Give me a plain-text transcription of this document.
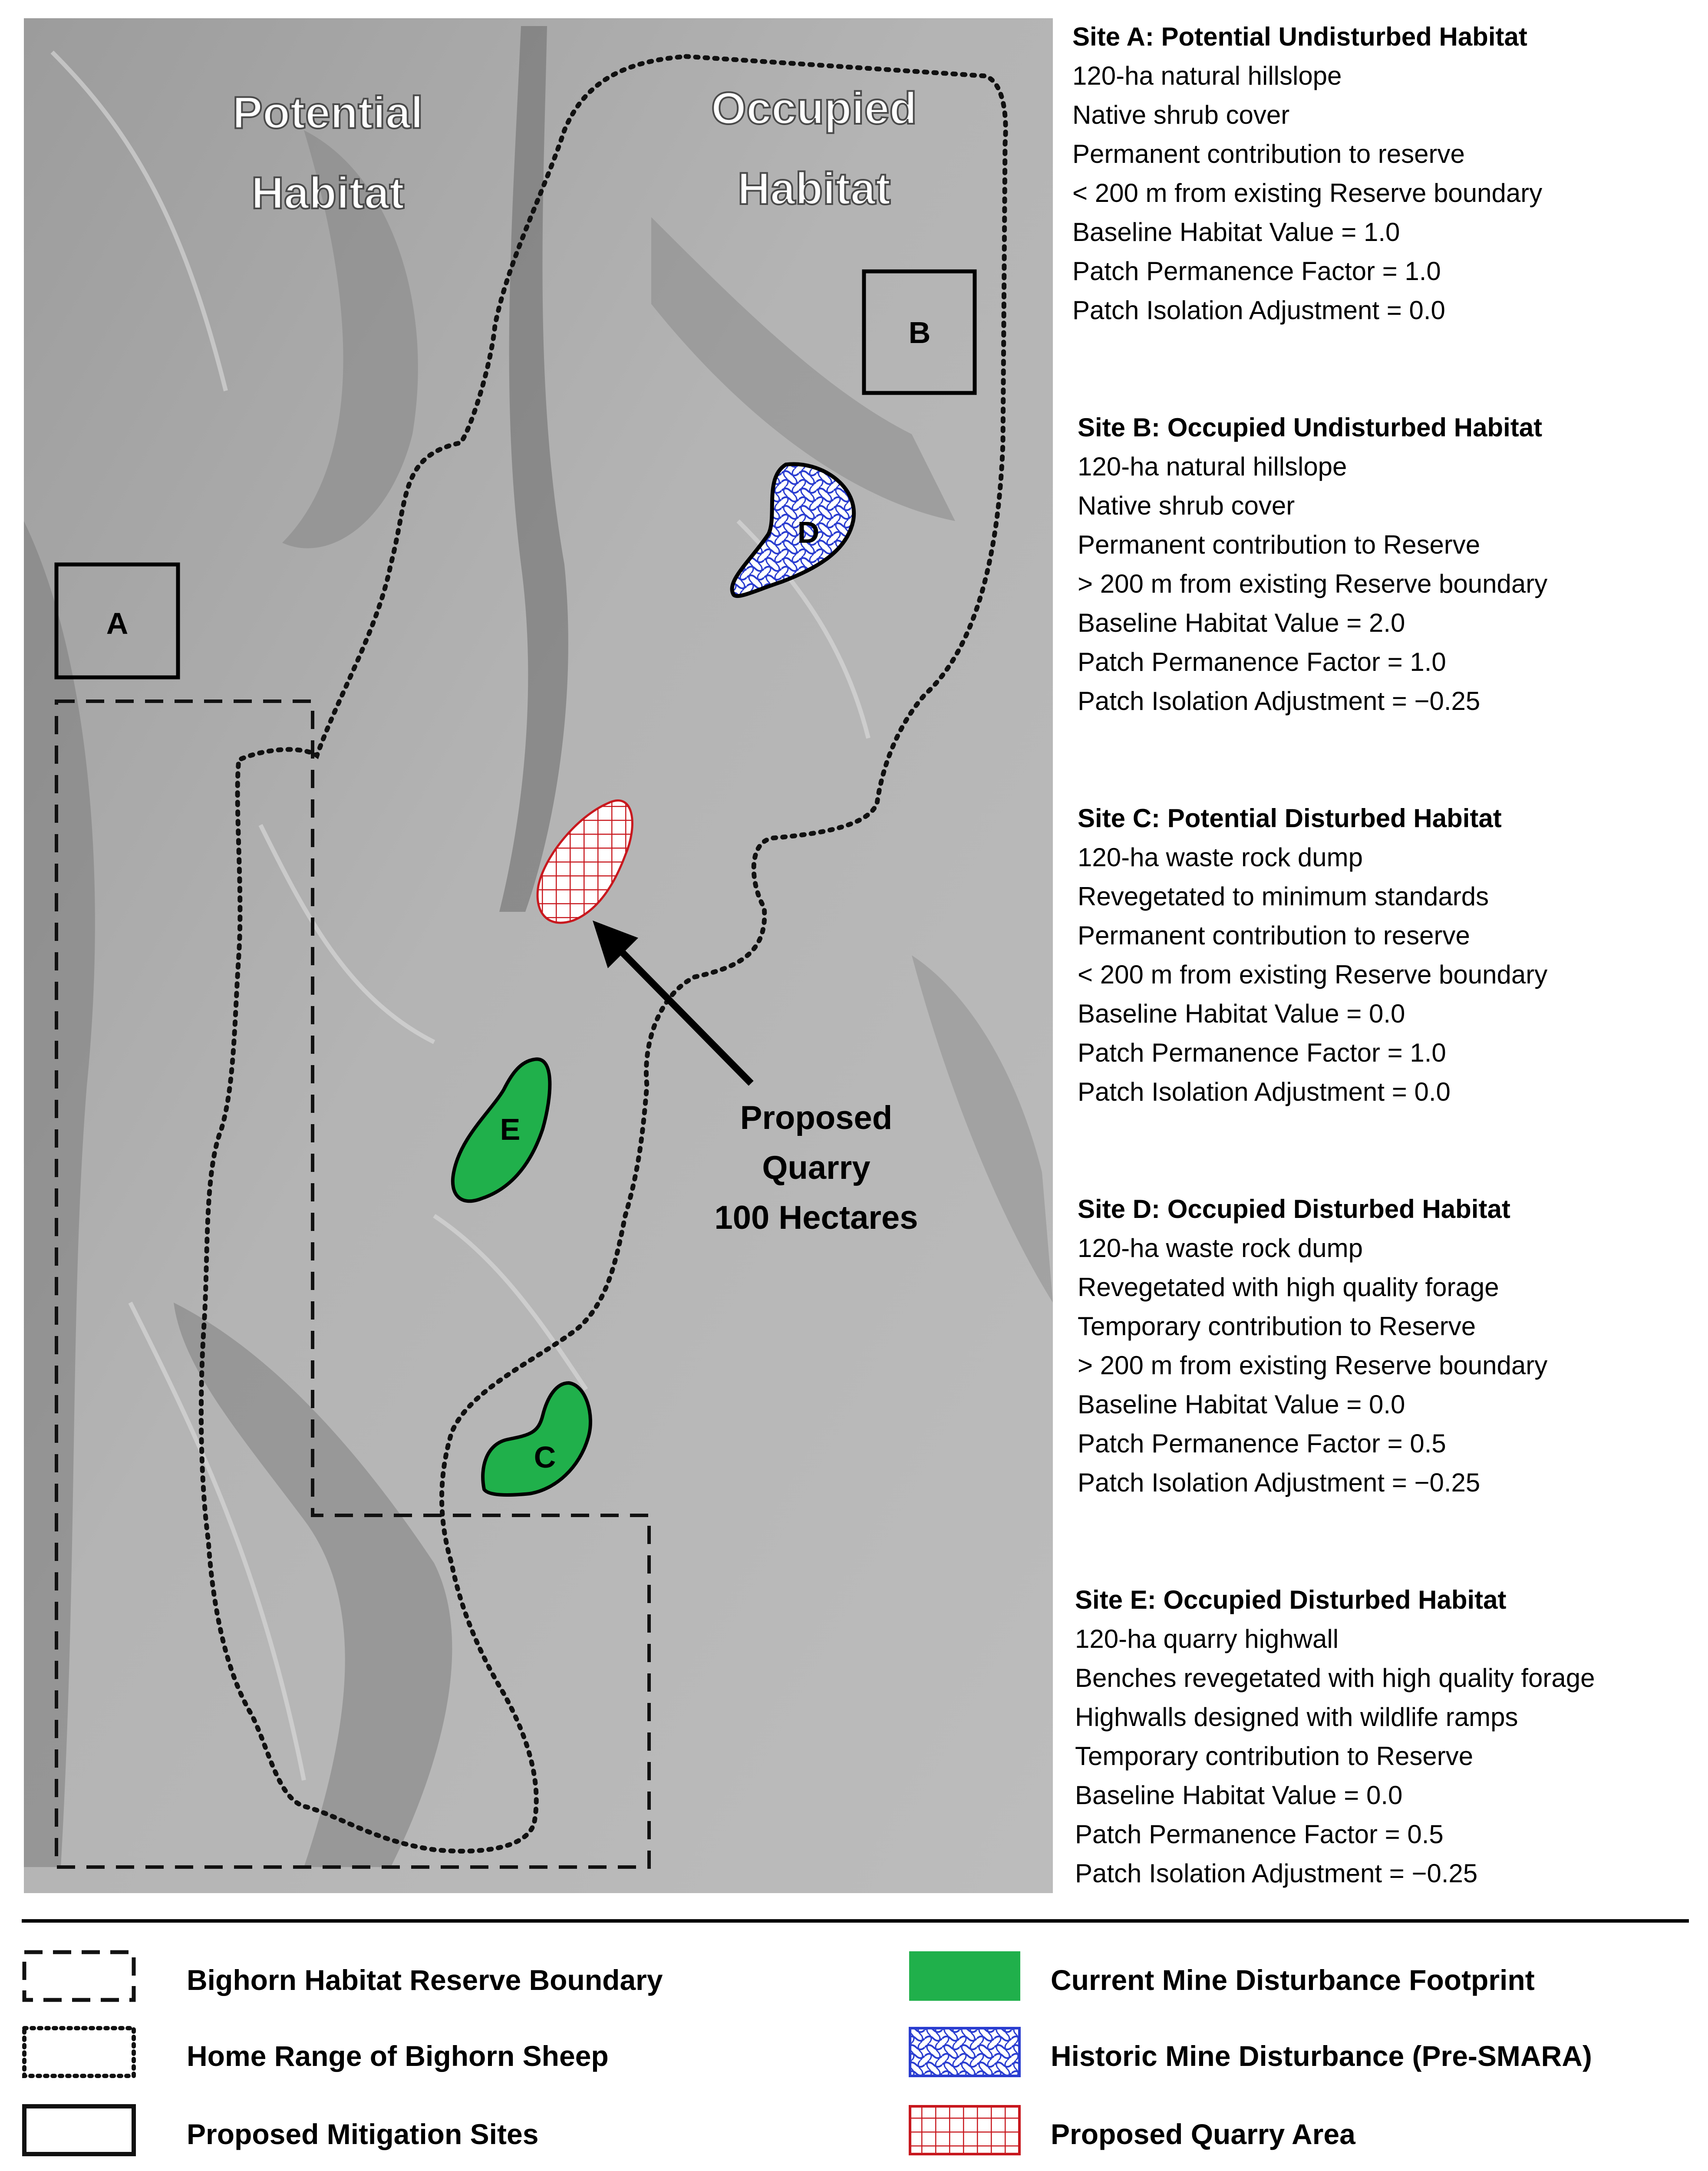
A
B
C
D
E
Potential
Habitat
Occupied
Habitat
Proposed
Quarry
100 Hectares
Site A: Potential Undisturbed Habitat
120-ha natural hillslope
Native shrub cover
Permanent contribution to reserve
< 200 m from existing Reserve boundary
Baseline Habitat Value = 1.0
Patch Permanence Factor = 1.0
Patch Isolation Adjustment = 0.0
Site B: Occupied Undisturbed Habitat
120-ha natural hillslope
Native shrub cover
Permanent contribution to Reserve
> 200 m from existing Reserve boundary
Baseline Habitat Value = 2.0
Patch Permanence Factor = 1.0
Patch Isolation Adjustment = −0.25
Site C: Potential Disturbed Habitat
120-ha waste rock dump
Revegetated to minimum standards
Permanent contribution to reserve
< 200 m from existing Reserve boundary
Baseline Habitat Value = 0.0
Patch Permanence Factor = 1.0
Patch Isolation Adjustment = 0.0
Site D: Occupied Disturbed Habitat
120-ha waste rock dump
Revegetated with high quality forage
Temporary contribution to Reserve
> 200 m from existing Reserve boundary
Baseline Habitat Value = 0.0
Patch Permanence Factor = 0.5
Patch Isolation Adjustment = −0.25
Site E: Occupied Disturbed Habitat
120-ha quarry highwall
Benches revegetated with high quality forage
Highwalls designed with wildlife ramps
Temporary contribution to Reserve
Baseline Habitat Value = 0.0
Patch Permanence Factor = 0.5
Patch Isolation Adjustment = −0.25
Bighorn Habitat Reserve Boundary
Home Range of Bighorn Sheep
Proposed Mitigation Sites
Current Mine Disturbance Footprint
Historic Mine Disturbance (Pre-SMARA)
Proposed Quarry Area
